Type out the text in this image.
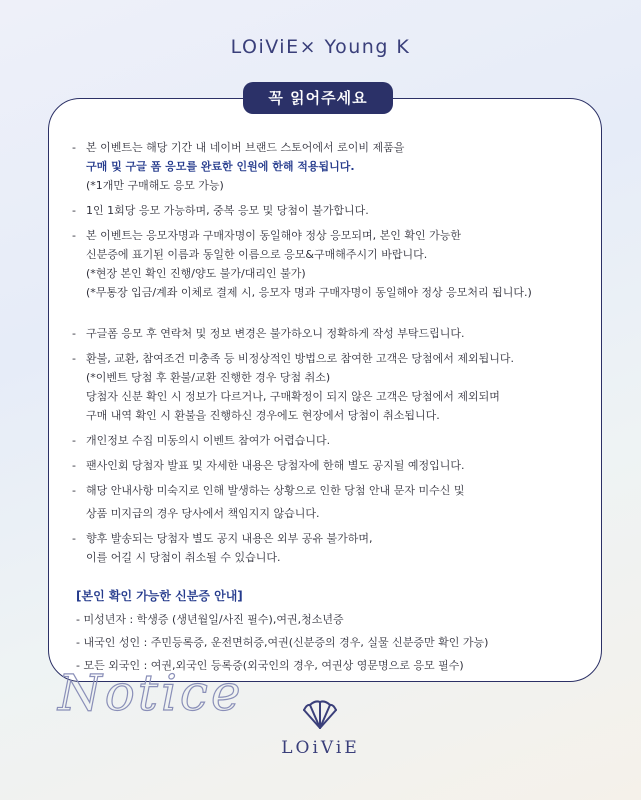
LOiViE× Young K
꼭 읽어주세요
- 본 이벤트는 해당 기간 내 네이버 브랜드 스토어에서 로이비 제품을
구매 및 구글 폼 응모를 완료한 인원에 한해 적용됩니다.
(*1개만 구매해도 응모 가능)
- 1인 1회당 응모 가능하며, 중복 응모 및 당첨이 불가합니다.
- 본 이벤트는 응모자명과 구매자명이 동일해야 정상 응모되며, 본인 확인 가능한
신분증에 표기된 이름과 동일한 이름으로 응모&구매해주시기 바랍니다.
(*현장 본인 확인 진행/양도 불가/대리인 불가)
(*무통장 입금/계좌 이체로 결제 시, 응모자 명과 구매자명이 동일해야 정상 응모처리 됩니다.)
- 구글폼 응모 후 연락처 및 정보 변경은 불가하오니 정확하게 작성 부탁드립니다.
- 환불, 교환, 참여조건 미충족 등 비정상적인 방법으로 참여한 고객은 당첨에서 제외됩니다.
(*이벤트 당첨 후 환불/교환 진행한 경우 당첨 취소)
당첨자 신분 확인 시 정보가 다르거나, 구매확정이 되지 않은 고객은 당첨에서 제외되며
구매 내역 확인 시 환불을 진행하신 경우에도 현장에서 당첨이 취소됩니다.
- 개인정보 수집 미동의시 이벤트 참여가 어렵습니다.
- 팬사인회 당첨자 발표 및 자세한 내용은 당첨자에 한해 별도 공지될 예정입니다.
- 해당 안내사항 미숙지로 인해 발생하는 상황으로 인한 당첨 안내 문자 미수신 및
상품 미지급의 경우 당사에서 책임지지 않습니다.
- 향후 발송되는 당첨자 별도 공지 내용은 외부 공유 불가하며,
이를 어길 시 당첨이 취소될 수 있습니다.
[본인 확인 가능한 신분증 안내]
- 미성년자 : 학생증 (생년월일/사진 필수),여권,청소년증
- 내국인 성인 : 주민등록증, 운전면허증,여권(신분증의 경우, 실물 신분증만 확인 가능)
- 모든 외국인 : 여권,외국인 등록증(외국인의 경우, 여권상 영문명으로 응모 필수)
Notice
LOiViE
